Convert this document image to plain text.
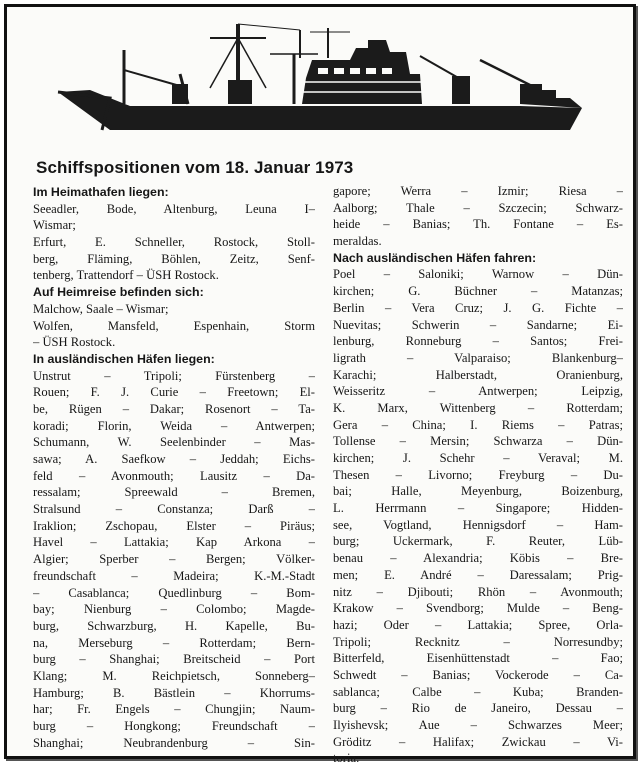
Schiffspositionen vom 18. Januar 1973
Im Heimathafen liegen:
Seeadler, Bode, Altenburg, Leuna I–
Wismar;
Erfurt, E. Schneller, Rostock, Stoll-
berg, Fläming, Böhlen, Zeitz, Senf-
tenberg, Trattendorf – ÜSH Rostock.
Auf Heimreise befinden sich:
Malchow, Saale – Wismar;
Wolfen, Mansfeld, Espenhain, Storm
– ÜSH Rostock.
In ausländischen Häfen liegen:
Unstrut – Tripoli; Fürstenberg –
Rouen; F. J. Curie – Freetown; El-
be, Rügen – Dakar; Rosenort – Ta-
koradi; Florin, Weida – Antwerpen;
Schumann, W. Seelenbinder – Mas-
sawa; A. Saefkow – Jeddah; Eichs-
feld – Avonmouth; Lausitz – Da-
ressalam; Spreewald – Bremen,
Stralsund – Constanza; Darß –
Iraklion; Zschopau, Elster – Piräus;
Havel – Lattakia; Kap Arkona –
Algier; Sperber – Bergen; Völker-
freundschaft – Madeira; K.-M.-Stadt
– Casablanca; Quedlinburg – Bom-
bay; Nienburg – Colombo; Magde-
burg, Schwarzburg, H. Kapelle, Bu-
na, Merseburg – Rotterdam; Bern-
burg – Shanghai; Breitscheid – Port
Klang; M. Reichpietsch, Sonneberg–
Hamburg; B. Bästlein – Khorrums-
har; Fr. Engels – Chungjin; Naum-
burg – Hongkong; Freundschaft –
Shanghai; Neubrandenburg – Sin-
gapore; Werra – Izmir; Riesa –
Aalborg; Thale – Szczecin; Schwarz-
heide – Banias; Th. Fontane – Es-
meraldas.
Nach ausländischen Häfen fahren:
Poel – Saloniki; Warnow – Dün-
kirchen; G. Büchner – Matanzas;
Berlin – Vera Cruz; J. G. Fichte –
Nuevitas; Schwerin – Sandarne; Ei-
lenburg, Ronneburg – Santos; Frei-
ligrath – Valparaiso; Blankenburg–
Karachi; Halberstadt, Oranienburg,
Weisseritz – Antwerpen; Leipzig,
K. Marx, Wittenberg – Rotterdam;
Gera – China; I. Riems – Patras;
Tollense – Mersin; Schwarza – Dün-
kirchen; J. Schehr – Veraval; M.
Thesen – Livorno; Freyburg – Du-
bai; Halle, Meyenburg, Boizenburg,
L. Herrmann – Singapore; Hidden-
see, Vogtland, Hennigsdorf – Ham-
burg; Uckermark, F. Reuter, Lüb-
benau – Alexandria; Köbis – Bre-
men; E. André – Daressalam; Prig-
nitz – Djibouti; Rhön – Avonmouth;
Krakow – Svendborg; Mulde – Beng-
hazi; Oder – Lattakia; Spree, Orla-
Tripoli; Recknitz – Norresundby;
Bitterfeld, Eisenhüttenstadt – Fao;
Schwedt – Banias; Vockerode – Ca-
sablanca; Calbe – Kuba; Branden-
burg – Rio de Janeiro, Dessau –
Ilyishevsk; Aue – Schwarzes Meer;
Gröditz – Halifax; Zwickau – Vi-
toria.
